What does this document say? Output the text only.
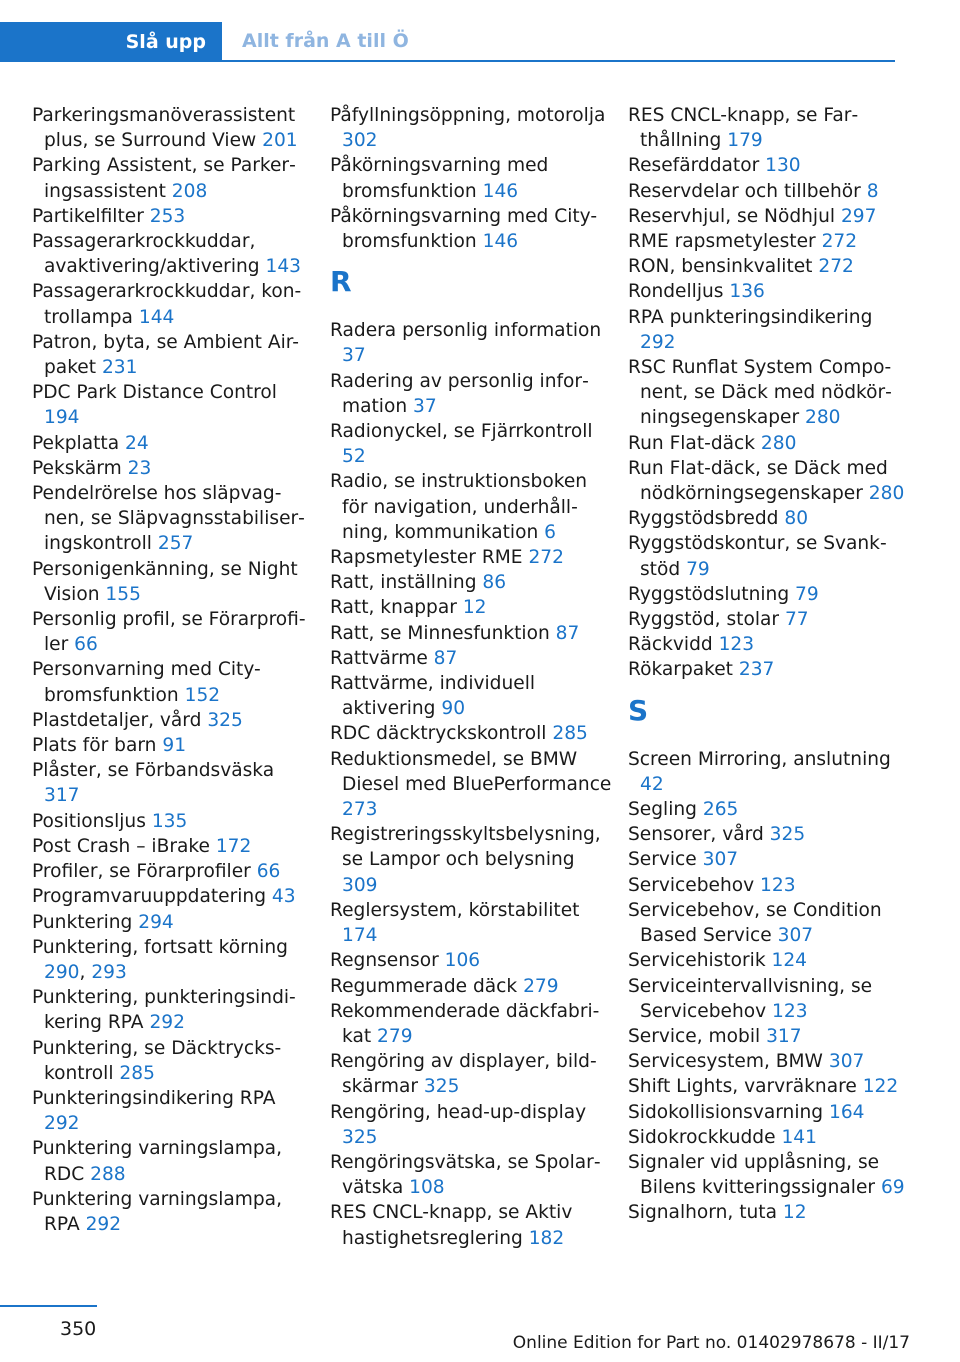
Slå upp	Allt från A till Ö

Parkeringsmanöverassistent plus, se Surround View 201

Parking Assistent, se Parkeringsassistent 208

Partikelfilter 253

Passagerarkrockkuddar, avaktivering/aktivering 143

Passagerarkrockkuddar, kontrollampa 144

Patron, byta, se Ambient Air-paket 231

PDC Park Distance Control 194

Pekplatta 24

Pekskärm 23

Pendelrörelse hos släpvagnen, se Släpvagnsstabiliseringskontroll 257

Personigenkänning, se Night Vision 155

Personlig profil, se Förarprofiler 66

Personvarning med City-bromsfunktion 152

Plastdetaljer, vård 325

Plats för barn 91

Plåster, se Förbandsväska 317

Positionsljus 135

Post Crash – iBrake 172

Profiler, se Förarprofiler 66

Programvaruuppdatering 43

Punktering 294

Punktering, fortsatt körning 290, 293

Punktering, punkteringsindikering RPA 292

Punktering, se Däcktryckskontroll 285

Punkteringsindikering RPA 292

Punktering varningslampa, RDC 288

Punktering varningslampa, RPA 292

Påfyllningsöppning, motorolja 302

Påkörningsvarning med bromsfunktion 146

Påkörningsvarning med City-bromsfunktion 146

R

Radera personlig information 37

Radering av personlig information 37

Radionyckel, se Fjärrkontroll 52

Radio, se instruktionsboken för navigation, underhållning, kommunikation 6

Rapsmetylester RME 272

Ratt, inställning 86

Ratt, knappar 12

Ratt, se Minnesfunktion 87

Rattvärme 87

Rattvärme, individuell aktivering 90

RDC däcktryckskontroll 285

Reduktionsmedel, se BMW Diesel med BluePerformance 273

Registreringsskyltsbelysning, se Lampor och belysning 309

Reglersystem, körstabilitet 174

Regnsensor 106

Regummerade däck 279

Rekommenderade däckfabrikat 279

Rengöring av displayer, bildskärmar 325

Rengöring, head-up-display 325

Rengöringsvätska, se Spolarvätska 108

RES CNCL-knapp, se Aktiv hastighetsreglering 182

RES CNCL-knapp, se Farthållning 179

Resefärddator 130

Reservdelar och tillbehör 8

Reservhjul, se Nödhjul 297

RME rapsmetylester 272

RON, bensinkvalitet 272

Rondelljus 136

RPA punkteringsindikering 292

RSC Runflat System Component, se Däck med nödkörningsegenskaper 280

Run Flat-däck 280

Run Flat-däck, se Däck med nödkörningsegenskaper 280

Ryggstödsbredd 80

Ryggstödskontur, se Svankstöd 79

Ryggstödslutning 79

Ryggstöd, stolar 77

Räckvidd 123

Rökarpaket 237

S

Screen Mirroring, anslutning 42

Segling 265

Sensorer, vård 325

Service 307

Servicebehov 123

Servicebehov, se Condition Based Service 307

Servicehistorik 124

Serviceintervallvisning, se Servicebehov 123

Service, mobil 317

Servicesystem, BMW 307

Shift Lights, varvräknare 122

Sidokollisionsvarning 164

Sidokrockkudde 141

Signaler vid upplåsning, se Bilens kvitteringssignaler 69

Signalhorn, tuta 12

350
Online Edition for Part no. 01402978678 - II/17
